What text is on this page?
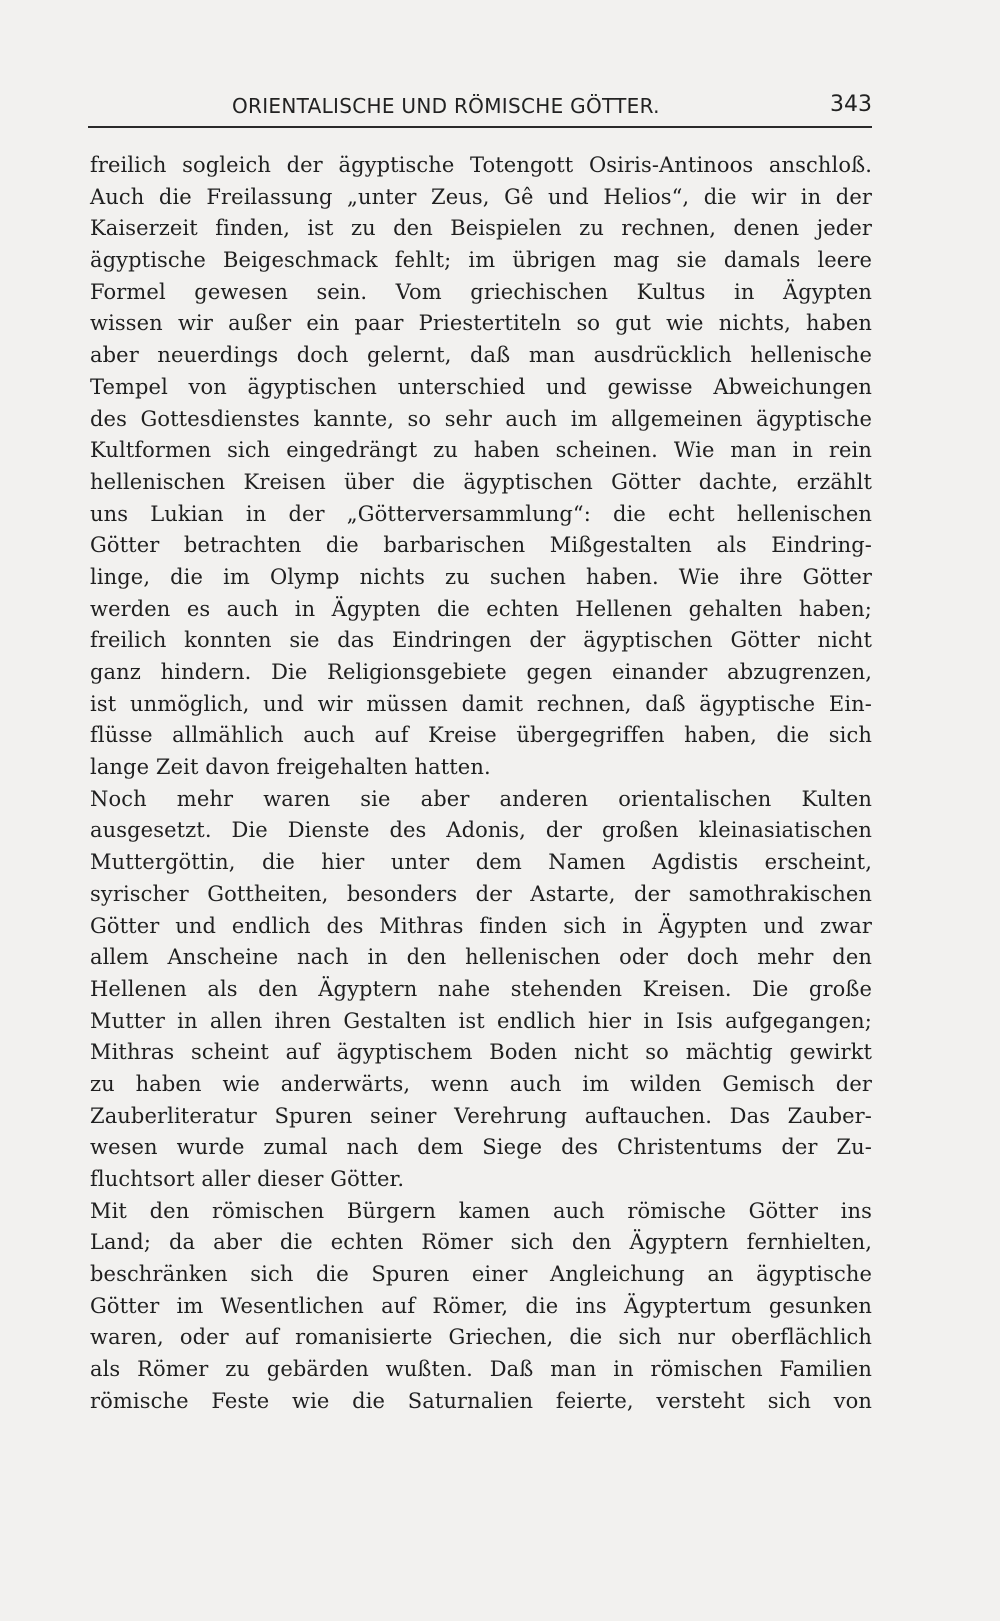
ORIENTALISCHE UND RÖMISCHE GÖTTER.	343
freilich sogleich der ägyptische Totengott Osiris-Antinoos anschloß.
Auch die Freilassung „unter Zeus, Gê und Helios“, die wir in der
Kaiserzeit finden, ist zu den Beispielen zu rechnen, denen jeder
ägyptische Beigeschmack fehlt; im übrigen mag sie damals leere
Formel gewesen sein. Vom griechischen Kultus in Ägypten
wissen wir außer ein paar Priestertiteln so gut wie nichts, haben
aber neuerdings doch gelernt, daß man ausdrücklich hellenische
Tempel von ägyptischen unterschied und gewisse Abweichungen
des Gottesdienstes kannte, so sehr auch im allgemeinen ägyptische
Kultformen sich eingedrängt zu haben scheinen. Wie man in rein
hellenischen Kreisen über die ägyptischen Götter dachte, erzählt
uns Lukian in der „Götterversammlung“: die echt hellenischen
Götter betrachten die barbarischen Mißgestalten als Eindring-
linge, die im Olymp nichts zu suchen haben. Wie ihre Götter
werden es auch in Ägypten die echten Hellenen gehalten haben;
freilich konnten sie das Eindringen der ägyptischen Götter nicht
ganz hindern. Die Religionsgebiete gegen einander abzugrenzen,
ist unmöglich, und wir müssen damit rechnen, daß ägyptische Ein-
flüsse allmählich auch auf Kreise übergegriffen haben, die sich
lange Zeit davon freigehalten hatten.
Noch mehr waren sie aber anderen orientalischen Kulten
ausgesetzt. Die Dienste des Adonis, der großen kleinasiatischen
Muttergöttin, die hier unter dem Namen Agdistis erscheint,
syrischer Gottheiten, besonders der Astarte, der samothrakischen
Götter und endlich des Mithras finden sich in Ägypten und zwar
allem Anscheine nach in den hellenischen oder doch mehr den
Hellenen als den Ägyptern nahe stehenden Kreisen. Die große
Mutter in allen ihren Gestalten ist endlich hier in Isis aufgegangen;
Mithras scheint auf ägyptischem Boden nicht so mächtig gewirkt
zu haben wie anderwärts, wenn auch im wilden Gemisch der
Zauberliteratur Spuren seiner Verehrung auftauchen. Das Zauber-
wesen wurde zumal nach dem Siege des Christentums der Zu-
fluchtsort aller dieser Götter.
Mit den römischen Bürgern kamen auch römische Götter ins
Land; da aber die echten Römer sich den Ägyptern fernhielten,
beschränken sich die Spuren einer Angleichung an ägyptische
Götter im Wesentlichen auf Römer, die ins Ägyptertum gesunken
waren, oder auf romanisierte Griechen, die sich nur oberflächlich
als Römer zu gebärden wußten. Daß man in römischen Familien
römische Feste wie die Saturnalien feierte, versteht sich von
